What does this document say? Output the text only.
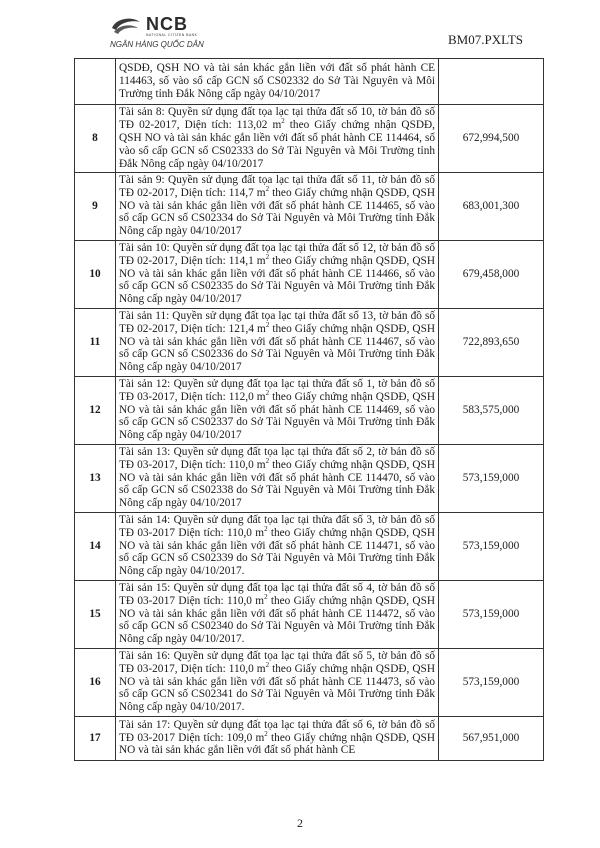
NCB
NATIONAL CITIZEN BANK
NGÂN HÀNG QUỐC DÂN	BM07.PXLTS
	QSDĐ, QSH NO và tài sản khác gắn liền với đất số phát hành CE 114463, số vào sổ cấp GCN số CS02332 do Sở Tài Nguyên và Môi Trường tỉnh Đắk Nông cấp ngày 04/10/2017	
8	Tài sản 8: Quyền sử dụng đất tọa lạc tại thửa đất số 10, tờ bản đồ số TĐ 02-2017, Diện tích: 113,02 $m^2$ theo Giấy chứng nhận QSDĐ, QSH NO và tài sản khác gắn liền với đất số phát hành CE 114464, số vào sổ cấp GCN số CS02333 do Sở Tài Nguyên và Môi Trường tỉnh Đắk Nông cấp ngày 04/10/2017	672,994,500
9	Tài sản 9: Quyền sử dụng đất tọa lạc tại thửa đất số 11, tờ bản đồ số TĐ 02-2017, Diện tích: 114,7 $m^2$ theo Giấy chứng nhận QSDĐ, QSH NO và tài sản khác gắn liền với đất số phát hành CE 114465, số vào sổ cấp GCN số CS02334 do Sở Tài Nguyên và Môi Trường tỉnh Đắk Nông cấp ngày 04/10/2017	683,001,300
10	Tài sản 10: Quyền sử dụng đất tọa lạc tại thửa đất số 12, tờ bản đồ số TĐ 02-2017, Diện tích: 114,1 $m^2$ theo Giấy chứng nhận QSDĐ, QSH NO và tài sản khác gắn liền với đất số phát hành CE 114466, số vào sổ cấp GCN số CS02335 do Sở Tài Nguyên và Môi Trường tỉnh Đắk Nông cấp ngày 04/10/2017	679,458,000
11	Tài sản 11: Quyền sử dụng đất tọa lạc tại thửa đất số 13, tờ bản đồ số TĐ 02-2017, Diện tích: 121,4 $m^2$ theo Giấy chứng nhận QSDĐ, QSH NO và tài sản khác gắn liền với đất số phát hành CE 114467, số vào sổ cấp GCN số CS02336 do Sở Tài Nguyên và Môi Trường tỉnh Đắk Nông cấp ngày 04/10/2017	722,893,650
12	Tài sản 12: Quyền sử dụng đất tọa lạc tại thửa đất số 1, tờ bản đồ số TĐ 03-2017, Diện tích: 112,0 $m^2$ theo Giấy chứng nhận QSDĐ, QSH NO và tài sản khác gắn liền với đất số phát hành CE 114469, số vào sổ cấp GCN số CS02337 do Sở Tài Nguyên và Môi Trường tỉnh Đắk Nông cấp ngày 04/10/2017	583,575,000
13	Tài sản 13: Quyền sử dụng đất tọa lạc tại thửa đất số 2, tờ bản đồ số TĐ 03-2017, Diện tích: 110,0 $m^2$ theo Giấy chứng nhận QSDĐ, QSH NO và tài sản khác gắn liền với đất số phát hành CE 114470, số vào sổ cấp GCN số CS02338 do Sở Tài Nguyên và Môi Trường tỉnh Đắk Nông cấp ngày 04/10/2017	573,159,000
14	Tài sản 14: Quyền sử dụng đất tọa lạc tại thửa đất số 3, tờ bản đồ số TĐ 03-2017 Diện tích: 110,0 $m^2$ theo Giấy chứng nhận QSDĐ, QSH NO và tài sản khác gắn liền với đất số phát hành CE 114471, số vào sổ cấp GCN số CS02339 do Sở Tài Nguyên và Môi Trường tỉnh Đắk Nông cấp ngày 04/10/2017.	573,159,000
15	Tài sản 15: Quyền sử dụng đất tọa lạc tại thửa đất số 4, tờ bản đồ số TĐ 03-2017 Diện tích: 110,0 $m^2$ theo Giấy chứng nhận QSDĐ, QSH NO và tài sản khác gắn liền với đất số phát hành CE 114472, số vào sổ cấp GCN số CS02340 do Sở Tài Nguyên và Môi Trường tỉnh Đắk Nông cấp ngày 04/10/2017.	573,159,000
16	Tài sản 16: Quyền sử dụng đất tọa lạc tại thửa đất số 5, tờ bản đồ số TĐ 03-2017, Diện tích: 110,0 $m^2$ theo Giấy chứng nhận QSDĐ, QSH NO và tài sản khác gắn liền với đất số phát hành CE 114473, số vào sổ cấp GCN số CS02341 do Sở Tài Nguyên và Môi Trường tỉnh Đắk Nông cấp ngày 04/10/2017.	573,159,000
17	Tài sản 17: Quyền sử dụng đất tọa lạc tại thửa đất số 6, tờ bản đồ số TĐ 03-2017 Diện tích: 109,0 $m^2$ theo Giấy chứng nhận QSDĐ, QSH NO và tài sản khác gắn liền với đất số phát hành CE	567,951,000
2
